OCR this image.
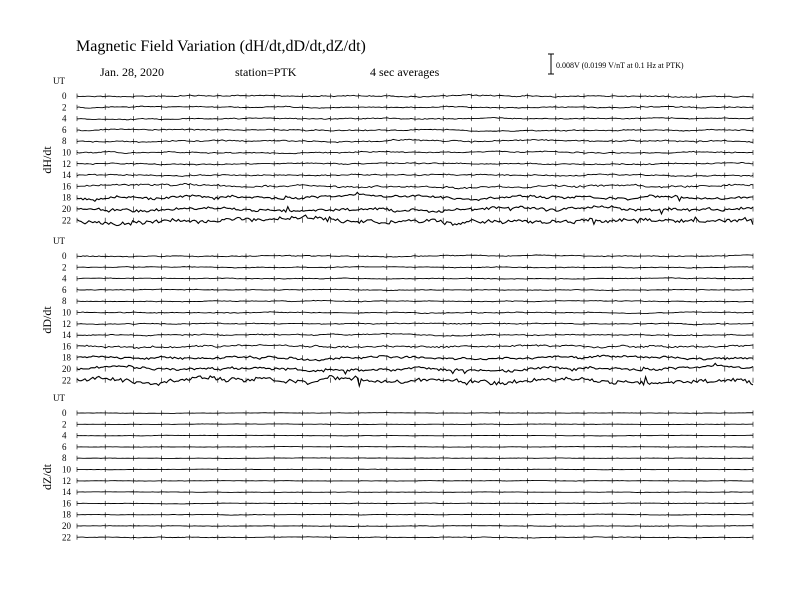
Magnetic Field Variation (dH/dt,dD/dt,dZ/dt)
Jan. 28, 2020	station=PTK	4 sec averages	0.008V (0.0199 V/nT at 0.1 Hz at PTK)
UT
dH/dt
0
2
4
6
8
10
12
14
16
18
20
22
UT
dD/dt
0
2
4
6
8
10
12
14
16
18
20
22
UT
dZ/dt
0
2
4
6
8
10
12
14
16
18
20
22
